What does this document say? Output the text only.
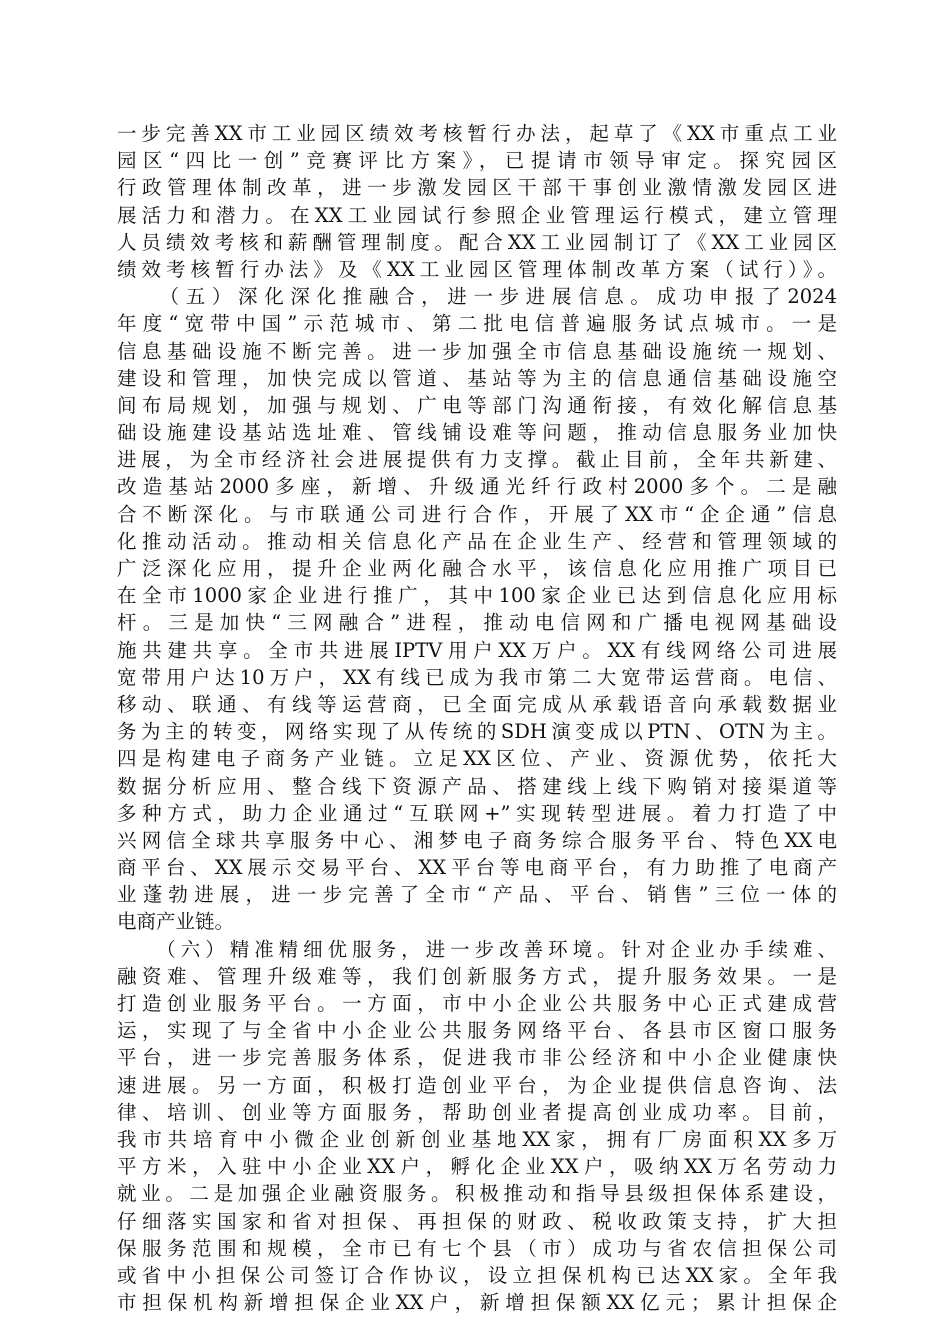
一步完善XX市工业园区绩效考核暂行办法，起草了《XX市重点工业
园区“四比一创”竞赛评比方案》，已提请市领导审定。探究园区
行政管理体制改革，进一步激发园区干部干事创业激情激发园区进
展活力和潜力。在XX工业园试行参照企业管理运行模式，建立管理
人员绩效考核和薪酬管理制度。配合XX工业园制订了《XX工业园区
绩效考核暂行办法》及《XX工业园区管理体制改革方案（试行）》。
　　（五）深化深化推融合，进一步进展信息。成功申报了2024
年度“宽带中国”示范城市、第二批电信普遍服务试点城市。一是
信息基础设施不断完善。进一步加强全市信息基础设施统一规划、
建设和管理，加快完成以管道、基站等为主的信息通信基础设施空
间布局规划，加强与规划、广电等部门沟通衔接，有效化解信息基
础设施建设基站选址难、管线铺设难等问题，推动信息服务业加快
进展，为全市经济社会进展提供有力支撑。截止目前，全年共新建、
改造基站2000多座，新增、升级通光纤行政村2000多个。二是融
合不断深化。与市联通公司进行合作，开展了XX市“企企通”信息
化推动活动。推动相关信息化产品在企业生产、经营和管理领域的
广泛深化应用，提升企业两化融合水平，该信息化应用推广项目已
在全市1000家企业进行推广，其中100家企业已达到信息化应用标
杆。三是加快“三网融合”进程，推动电信网和广播电视网基础设
施共建共享。全市共进展IPTV用户XX万户。XX有线网络公司进展
宽带用户达10万户，XX有线已成为我市第二大宽带运营商。电信、
移动、联通、有线等运营商，已全面完成从承载语音向承载数据业
务为主的转变，网络实现了从传统的SDH演变成以PTN、OTN为主。
四是构建电子商务产业链。立足XX区位、产业、资源优势，依托大
数据分析应用、整合线下资源产品、搭建线上线下购销对接渠道等
多种方式，助力企业通过“互联网+”实现转型进展。着力打造了中
兴网信全球共享服务中心、湘梦电子商务综合服务平台、特色XX电
商平台、XX展示交易平台、XX平台等电商平台，有力助推了电商产
业蓬勃进展，进一步完善了全市“产品、平台、销售”三位一体的
电商产业链。
　　（六）精准精细优服务，进一步改善环境。针对企业办手续难、
融资难、管理升级难等，我们创新服务方式，提升服务效果。一是
打造创业服务平台。一方面，市中小企业公共服务中心正式建成营
运，实现了与全省中小企业公共服务网络平台、各县市区窗口服务
平台，进一步完善服务体系，促进我市非公经济和中小企业健康快
速进展。另一方面，积极打造创业平台，为企业提供信息咨询、法
律、培训、创业等方面服务，帮助创业者提高创业成功率。目前，
我市共培育中小微企业创新创业基地XX家，拥有厂房面积XX多万
平方米，入驻中小企业XX户，孵化企业XX户，吸纳XX万名劳动力
就业。二是加强企业融资服务。积极推动和指导县级担保体系建设，
仔细落实国家和省对担保、再担保的财政、税收政策支持，扩大担
保服务范围和规模，全市已有七个县（市）成功与省农信担保公司
或省中小担保公司签订合作协议，设立担保机构已达XX家。全年我
市担保机构新增担保企业XX户，新增担保额XX亿元；累计担保企
